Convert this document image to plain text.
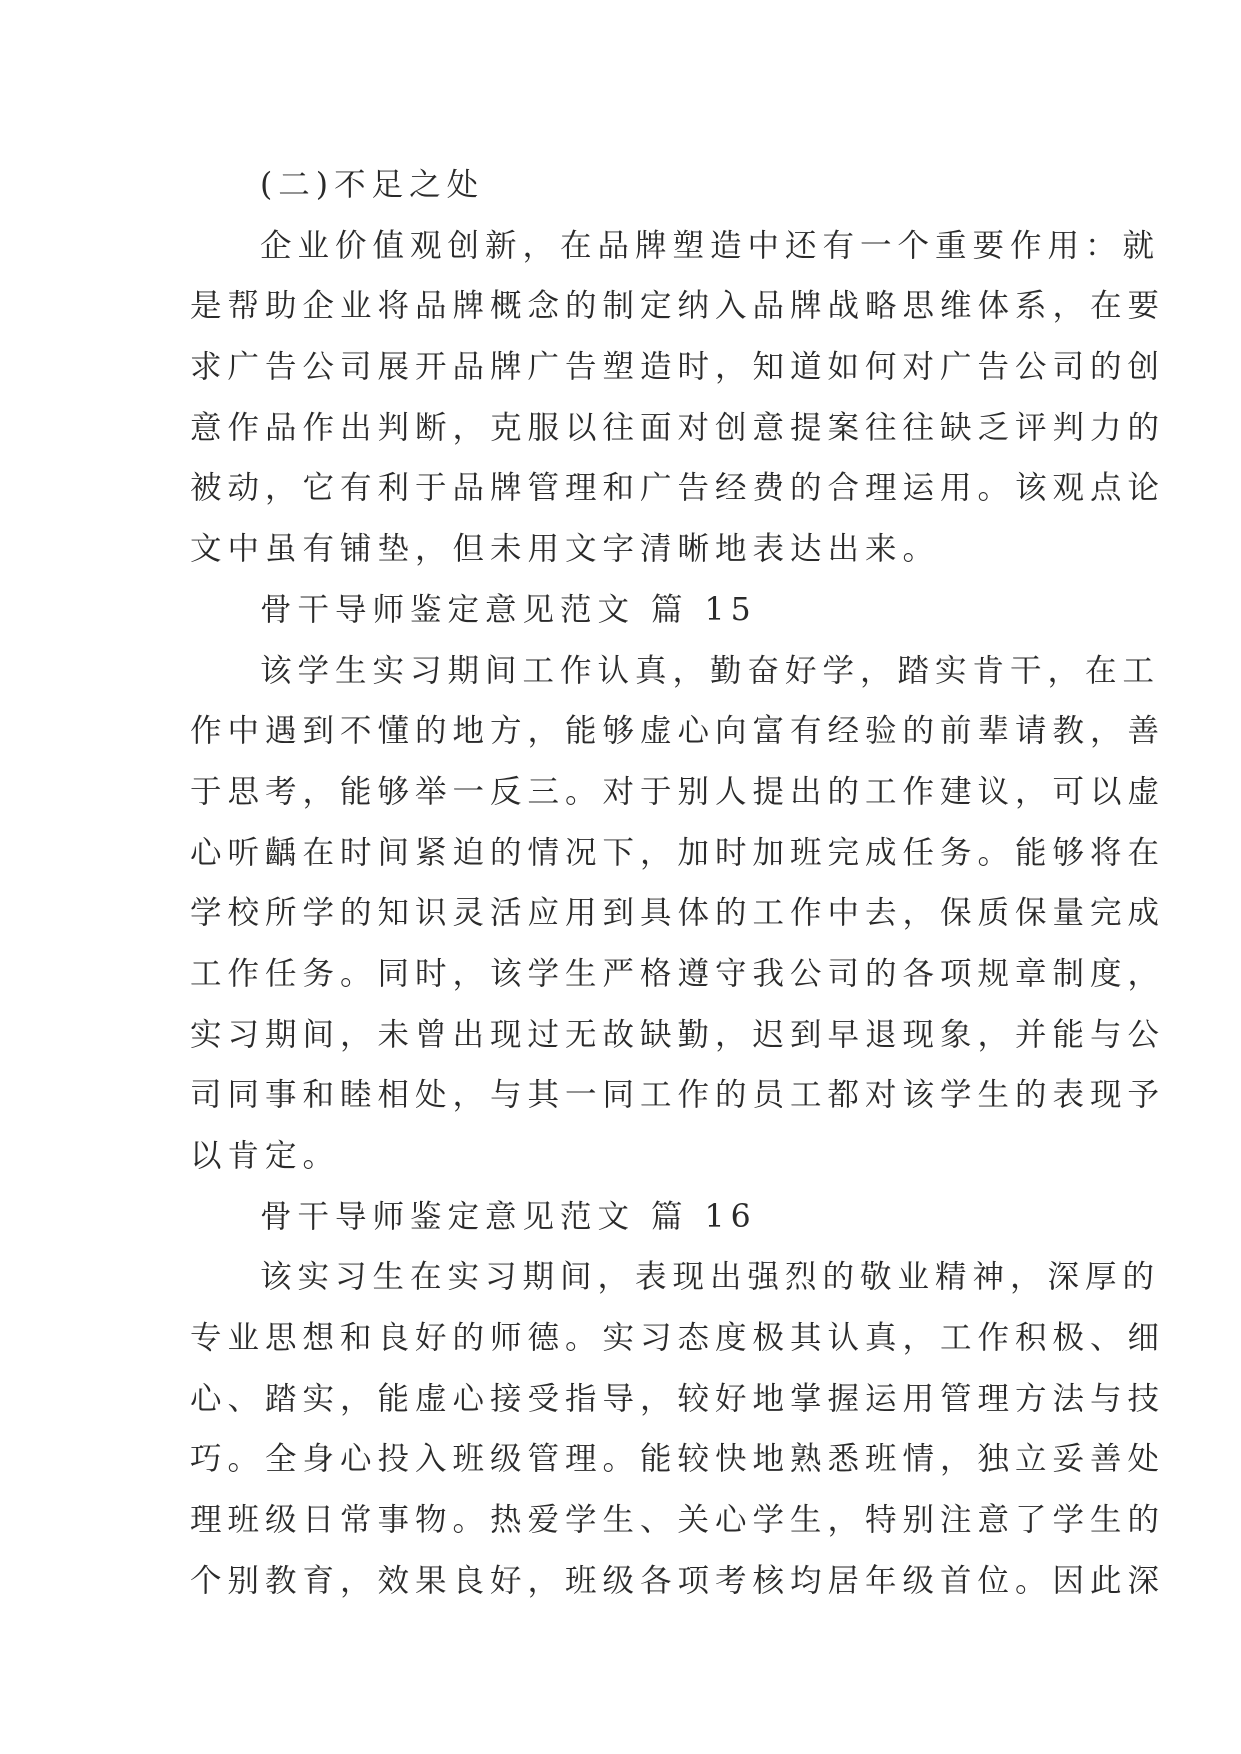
(二)不足之处
企业价值观创新，在品牌塑造中还有一个重要作用：就
是帮助企业将品牌概念的制定纳入品牌战略思维体系，在要
求广告公司展开品牌广告塑造时，知道如何对广告公司的创
意作品作出判断，克服以往面对创意提案往往缺乏评判力的
被动，它有利于品牌管理和广告经费的合理运用。该观点论
文中虽有铺垫，但未用文字清晰地表达出来。
骨干导师鉴定意见范文 篇 15
该学生实习期间工作认真，勤奋好学，踏实肯干，在工
作中遇到不懂的地方，能够虚心向富有经验的前辈请教，善
于思考，能够举一反三。对于别人提出的工作建议，可以虚
心听齲在时间紧迫的情况下，加时加班完成任务。能够将在
学校所学的知识灵活应用到具体的工作中去，保质保量完成
工作任务。同时，该学生严格遵守我公司的各项规章制度，
实习期间，未曾出现过无故缺勤，迟到早退现象，并能与公
司同事和睦相处，与其一同工作的员工都对该学生的表现予
以肯定。
骨干导师鉴定意见范文 篇 16
该实习生在实习期间，表现出强烈的敬业精神，深厚的
专业思想和良好的师德。实习态度极其认真，工作积极、细
心、踏实，能虚心接受指导，较好地掌握运用管理方法与技
巧。全身心投入班级管理。能较快地熟悉班情，独立妥善处
理班级日常事物。热爱学生、关心学生，特别注意了学生的
个别教育，效果良好，班级各项考核均居年级首位。因此深
